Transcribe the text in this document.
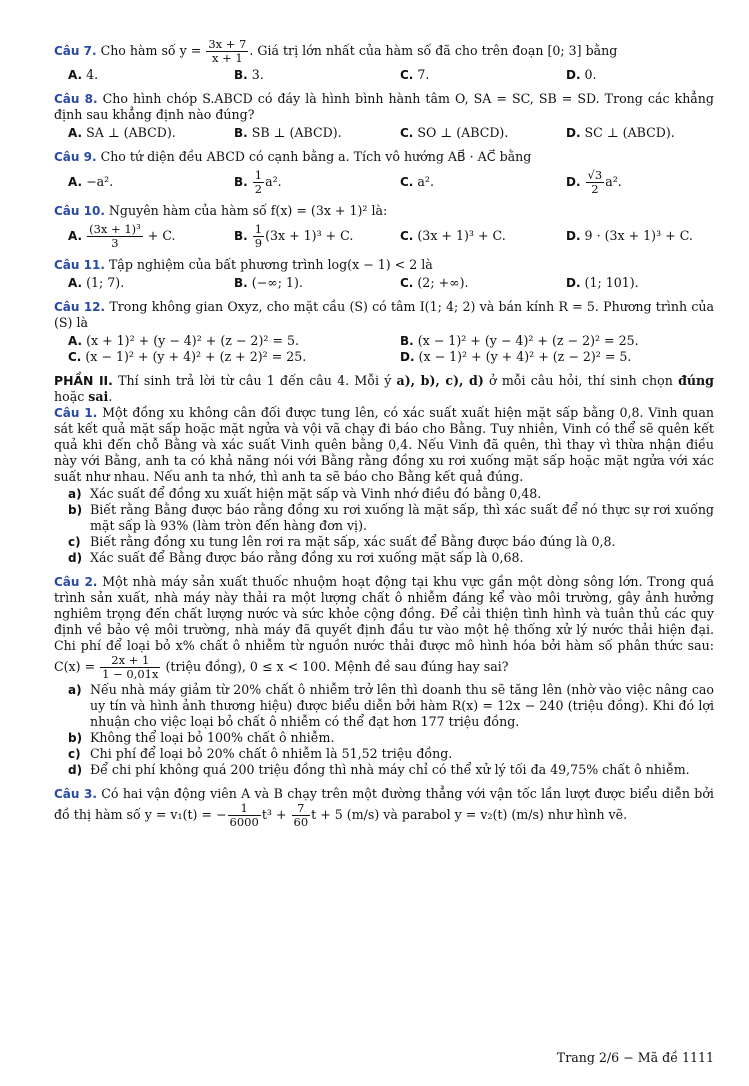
Câu 7. Cho hàm số $y = \frac{3x + 7}{x + 1}$ . Giá trị lớn nhất của hàm số đã cho trên đoạn [0; 3] bằng
A. 4.	B. 3.	C. 7.	D. 0.
Câu 8. Cho hình chóp S.ABCD có đáy là hình bình hành tâm O, SA = SC, SB = SD. Trong các khẳng định sau khẳng định nào đúng?
A. SA ⊥ (ABCD).	B. SB ⊥ (ABCD).	C. SO ⊥ (ABCD).	D. SC ⊥ (ABCD).
Câu 9. Cho tứ diện đều ABCD có cạnh bằng a. Tích vô hướng AB⃗ · AC⃗ bằng
A. −a².	B. $\frac{1}{2} a^2$.	C. a².	D. $\frac{√3}{2} a^2$.
Câu 10. Nguyên hàm của hàm số f(x) = (3x + 1)² là:
A. $\frac{\text{(3x + 1)³}}{3} + C$.	B. $\frac{1}{9} (3x + 1)^3 + C$.	C. (3x + 1)³ + C.	D. 9 · (3x + 1)³ + C.
Câu 11. Tập nghiệm của bất phương trình log(x − 1) < 2 là
A. (1; 7).	B. (−∞; 1).	C. (2; +∞).	D. (1; 101).
Câu 12. Trong không gian Oxyz, cho mặt cầu (S) có tâm I(1; 4; 2) và bán kính R = 5. Phương trình của (S) là
A. (x + 1)² + (y − 4)² + (z − 2)² = 5.	B. (x − 1)² + (y − 4)² + (z − 2)² = 25.
C. (x − 1)² + (y + 4)² + (z + 2)² = 25.	D. (x − 1)² + (y + 4)² + (z − 2)² = 5.
PHẦN II. Thí sinh trả lời từ câu 1 đến câu 4. Mỗi ý a), b), c), d) ở mỗi câu hỏi, thí sinh chọn đúng hoặc sai.
Câu 1. Một đồng xu không cân đối được tung lên, có xác suất xuất hiện mặt sấp bằng 0,8. Vinh quan sát kết quả mặt sấp hoặc mặt ngửa và vội vã chạy đi báo cho Bằng. Tuy nhiên, Vinh có thể sẽ quên kết quả khi đến chỗ Bằng và xác suất Vinh quên bằng 0,4. Nếu Vinh đã quên, thì thay vì thừa nhận điều này với Bằng, anh ta có khả năng nói với Bằng rằng đồng xu rơi xuống mặt sấp hoặc mặt ngửa với xác suất như nhau. Nếu anh ta nhớ, thì anh ta sẽ báo cho Bằng kết quả đúng.
a) Xác suất để đồng xu xuất hiện mặt sấp và Vinh nhớ điều đó bằng 0,48.
b) Biết rằng Bằng được báo rằng đồng xu rơi xuống là mặt sấp, thì xác suất để nó thực sự rơi xuống mặt sấp là 93% (làm tròn đến hàng đơn vị).
c) Biết rằng đồng xu tung lên rơi ra mặt sấp, xác suất để Bằng được báo đúng là 0,8.
d) Xác suất để Bằng được báo rằng đồng xu rơi xuống mặt sấp là 0,68.
Câu 2. Một nhà máy sản xuất thuốc nhuộm hoạt động tại khu vực gần một dòng sông lớn. Trong quá trình sản xuất, nhà máy này thải ra một lượng chất ô nhiễm đáng kể vào môi trường, gây ảnh hưởng nghiêm trọng đến chất lượng nước và sức khỏe cộng đồng. Để cải thiện tình hình và tuân thủ các quy định về bảo vệ môi trường, nhà máy đã quyết định đầu tư vào một hệ thống xử lý nước thải hiện đại. Chi phí để loại bỏ x% chất ô nhiễm từ nguồn nước thải được mô hình hóa bởi hàm số phân thức sau: $C(x) = \frac{2x + 1}{1 - 0,01x}$ (triệu đồng), 0 ≤ x < 100. Mệnh đề sau đúng hay sai?
a) Nếu nhà máy giảm từ 20% chất ô nhiễm trở lên thì doanh thu sẽ tăng lên (nhờ vào việc nâng cao uy tín và hình ảnh thương hiệu) được biểu diễn bởi hàm R(x) = 12x − 240 (triệu đồng). Khi đó lợi nhuận cho việc loại bỏ chất ô nhiễm có thể đạt hơn 177 triệu đồng.
b) Không thể loại bỏ 100% chất ô nhiễm.
c) Chi phí để loại bỏ 20% chất ô nhiễm là 51,52 triệu đồng.
d) Để chi phí không quá 200 triệu đồng thì nhà máy chỉ có thể xử lý tối đa 49,75% chất ô nhiễm.
Câu 3. Có hai vận động viên A và B chạy trên một đường thẳng với vận tốc lần lượt được biểu diễn bởi đồ thị hàm số y = v₁(t) = − $\frac{1}{6000} t^3 + \frac{7}{60}$ t + 5 (m/s) và parabol y = v₂(t) (m/s) như hình vẽ.
Trang 2/6 − Mã đề 1111
